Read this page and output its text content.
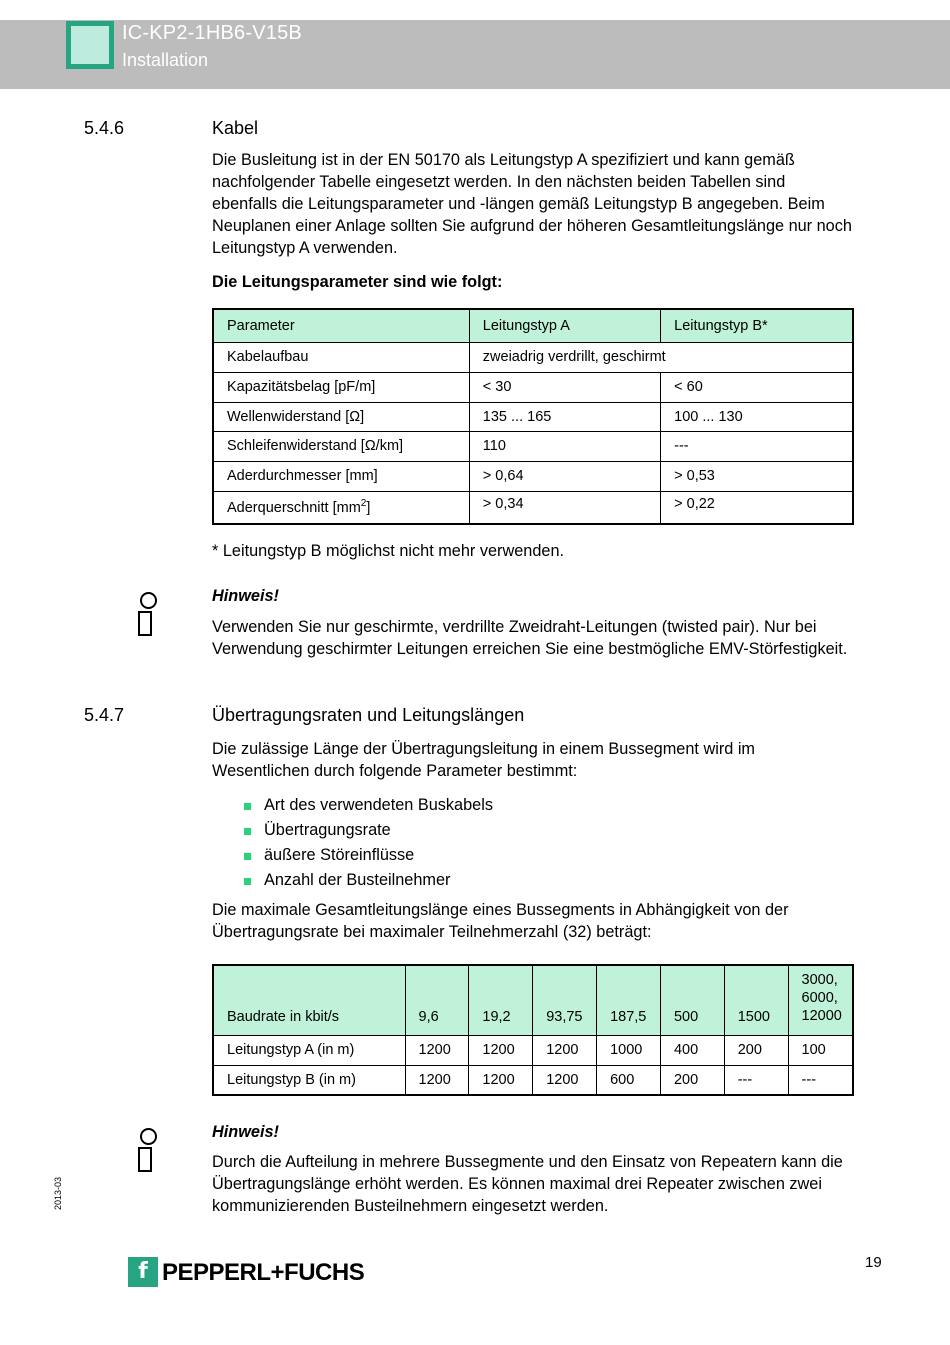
IC-KP2-1HB6-V15B
Installation
5.4.6	Kabel

Die Busleitung ist in der EN 50170 als Leitungstyp A spezifiziert und kann gemäß nachfolgender Tabelle eingesetzt werden. In den nächsten beiden Tabellen sind ebenfalls die Leitungsparameter und -längen gemäß Leitungstyp B angegeben. Beim Neuplanen einer Anlage sollten Sie aufgrund der höheren Gesamtleitungslänge nur noch Leitungstyp A verwenden.

Die Leitungsparameter sind wie folgt:
Parameter	Leitungstyp A	Leitungstyp B*
Kabelaufbau	zweiadrig verdrillt, geschirmt	
Kapazitätsbelag [pF/m]	< 30	< 60
Wellenwiderstand [Ω]	135 ... 165	100 ... 130
Schleifenwiderstand [Ω/km]	110	---
Aderdurchmesser [mm]	> 0,64	> 0,53
Aderquerschnitt $[mm^2]$	> 0,34	> 0,22
* Leitungstyp B möglichst nicht mehr verwenden.
Hinweis!
Verwenden Sie nur geschirmte, verdrillte Zweidraht-Leitungen (twisted pair). Nur bei Verwendung geschirmter Leitungen erreichen Sie eine bestmögliche EMV-Störfestigkeit.
5.4.7	Übertragungsraten und Leitungslängen
Die zulässige Länge der Übertragungsleitung in einem Bussegment wird im Wesentlichen durch folgende Parameter bestimmt:
Art des verwendeten Buskabels
Übertragungsrate
äußere Störeinflüsse
Anzahl der Busteilnehmer
Die maximale Gesamtleitungslänge eines Bussegments in Abhängigkeit von der Übertragungsrate bei maximaler Teilnehmerzahl (32) beträgt:
Baudrate in kbit/s	9,6	19,2	93,75	187,5	500	1500	3000,
6000,
12000

Leitungstyp A (in m)	1200	1200	1200	1000	400	200	100
Leitungstyp B (in m)	1200	1200	1200	600	200	---	---
Hinweis!
Durch die Aufteilung in mehrere Bussegmente und den Einsatz von Repeatern kann die Übertragungslänge erhöht werden. Es können maximal drei Repeater zwischen zwei kommunizierenden Busteilnehmern eingesetzt werden.
2013-03
f PEPPERL+FUCHS	19
